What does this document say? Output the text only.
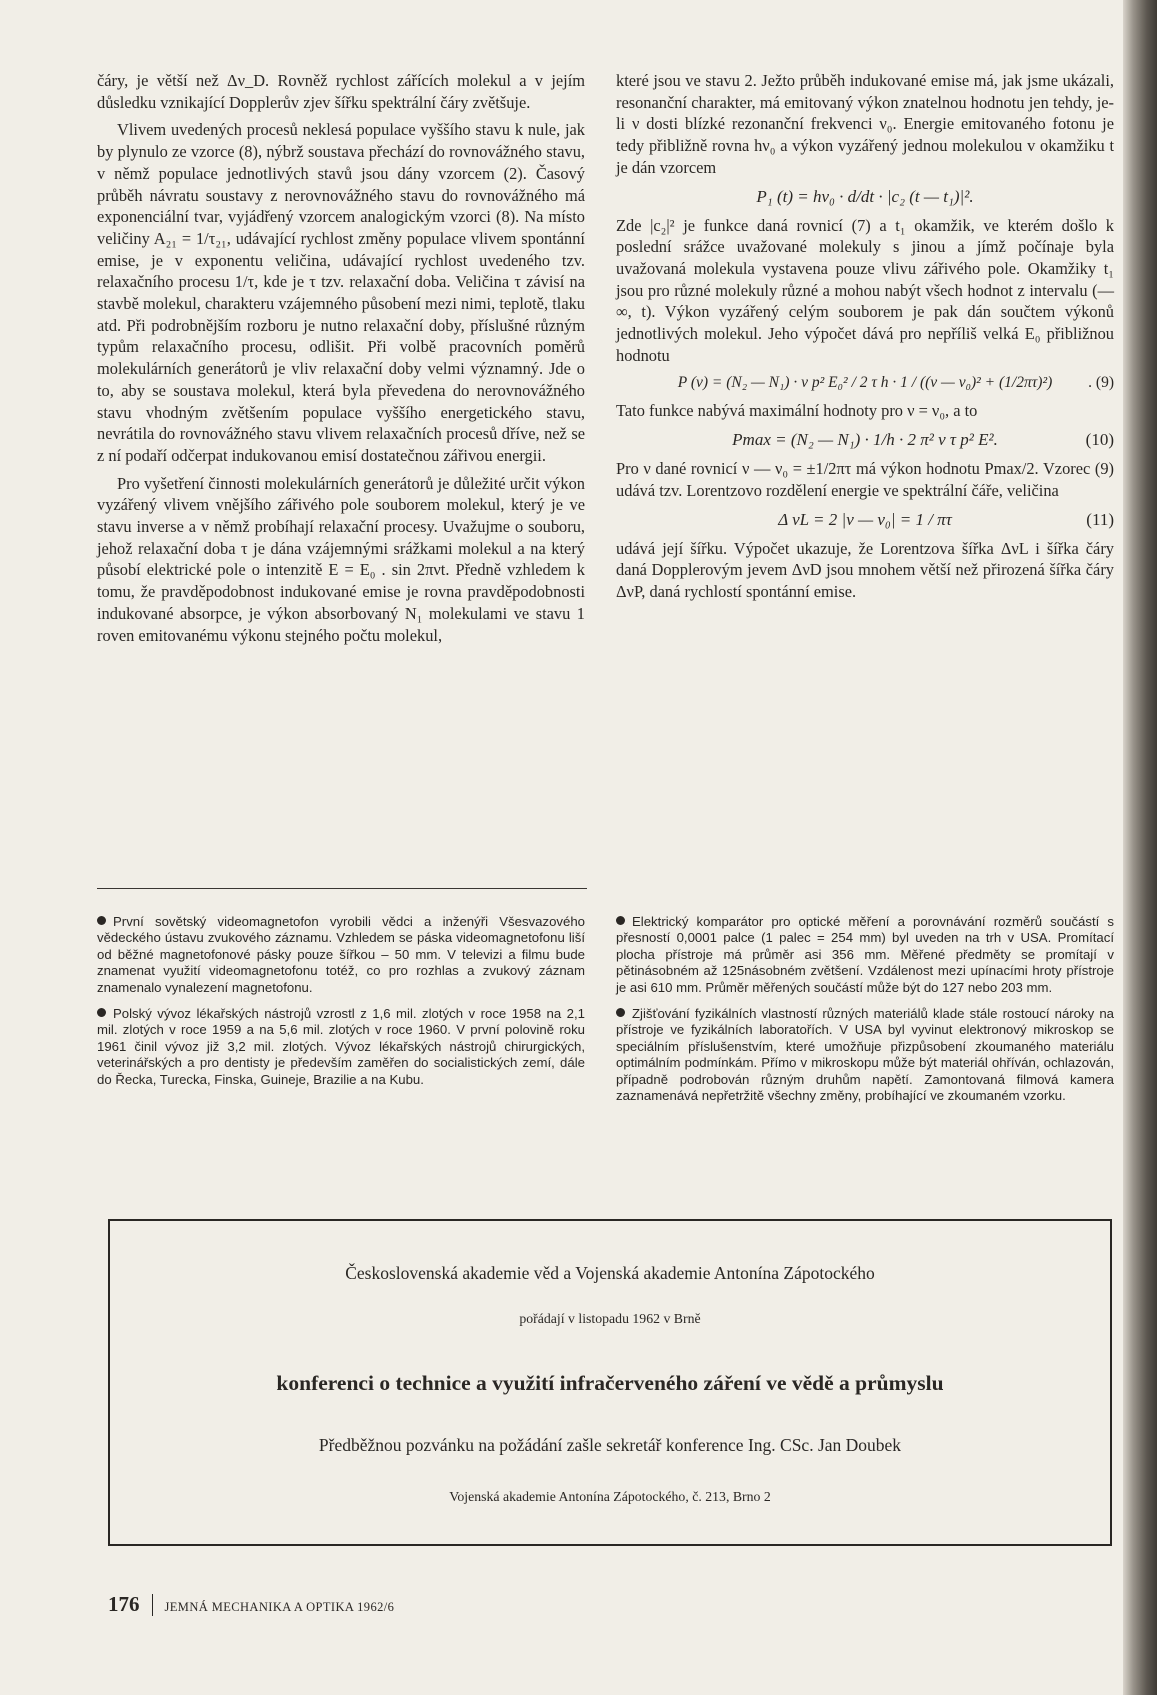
čáry, je větší než Δν_D. Rovněž rychlost zářících molekul a v jejím důsledku vznikající Dopplerův zjev šířku spektrální čáry zvětšuje.

Vlivem uvedených procesů neklesá populace vyššího stavu k nule, jak by plynulo ze vzorce (8), nýbrž soustava přechází do rovnovážného stavu, v němž populace jednotlivých stavů jsou dány vzorcem (2). Časový průběh návratu soustavy z nerovnovážného stavu do rovnovážného má exponenciální tvar, vyjádřený vzorcem analogickým vzorci (8). Na místo veličiny A₂₁ = 1/τ₂₁, udávající rychlost změny populace vlivem spontánní emise, je v exponentu veličina, udávající rychlost uvedeného tzv. relaxačního procesu 1/τ, kde je τ tzv. relaxační doba. Veličina τ závisí na stavbě molekul, charakteru vzájemného působení mezi nimi, teplotě, tlaku atd. Při podrobnějším rozboru je nutno relaxační doby, příslušné různým typům relaxačního procesu, odlišit. Při volbě pracovních poměrů molekulárních generátorů je vliv relaxační doby velmi významný. Jde o to, aby se soustava molekul, která byla převedena do nerovnovážného stavu vhodným zvětšením populace vyššího energetického stavu, nevrátila do rovnovážného stavu vlivem relaxačních procesů dříve, než se z ní podaří odčerpat indukovanou emisí dostatečnou zářivou energii.

Pro vyšetření činnosti molekulárních generátorů je důležité určit výkon vyzářený vlivem vnějšího zářivého pole souborem molekul, který je ve stavu inverse a v němž probíhají relaxační procesy. Uvažujme o souboru, jehož relaxační doba τ je dána vzájemnými srážkami molekul a na který působí elektrické pole o intenzitě E = E₀ . sin 2πνt. Předně vzhledem k tomu, že pravděpodobnost indukované emise je rovna pravděpodobnosti indukované absorpce, je výkon absorbovaný N₁ molekulami ve stavu 1 roven emitovanému výkonu stejného počtu molekul,

které jsou ve stavu 2. Ježto průběh indukované emise má, jak jsme ukázali, resonanční charakter, má emitovaný výkon znatelnou hodnotu jen tehdy, je-li ν dosti blízké rezonanční frekvenci ν₀. Energie emitovaného fotonu je tedy přibližně rovna hν₀ a výkon vyzářený jednou molekulou v okamžiku t je dán vzorcem

P₁ (t) = hν₀ · d/dt · |c₂ (t — t₁)|².

Zde |c₂|² je funkce daná rovnicí (7) a t₁ okamžik, ve kterém došlo k poslední srážce uvažované molekuly s jinou a jímž počínaje byla uvažovaná molekula vystavena pouze vlivu zářivého pole. Okamžiky t₁ jsou pro různé molekuly různé a mohou nabýt všech hodnot z intervalu (—∞, t). Výkon vyzářený celým souborem je pak dán součtem výkonů jednotlivých molekul. Jeho výpočet dává pro nepříliš velká E₀ přibližnou hodnotu

P (ν) = (N₂ — N₁) · ν p² E₀² / 2 τ h · 1 / ((ν — ν₀)² + (1/2πτ)²) . (9)

Tato funkce nabývá maximální hodnoty pro ν = ν₀, a to

Pmax = (N₂ — N₁) · 1/h · 2 π² ν τ p² E².	(10)

Pro ν dané rovnicí ν — ν₀ = ±1/2πτ má výkon hodnotu Pmax/2. Vzorec (9) udává tzv. Lorentzovo rozdělení energie ve spektrální čáře, veličina

Δ νL = 2 |ν — ν₀| = 1 / πτ	(11)

udává její šířku. Výpočet ukazuje, že Lorentzova šířka ΔνL i šířka čáry daná Dopplerovým jevem ΔνD jsou mnohem větší než přirozená šířka čáry ΔνP, daná rychlostí spontánní emise.

První sovětský videomagnetofon vyrobili vědci a inženýři Všesvazového vědeckého ústavu zvukového záznamu. Vzhledem se páska videomagnetofonu liší od běžné magnetofonové pásky pouze šířkou – 50 mm. V televizi a filmu bude znamenat využití videomagnetofonu totéž, co pro rozhlas a zvukový záznam znamenalo vynalezení magnetofonu.
Polský vývoz lékařských nástrojů vzrostl z 1,6 mil. zlotých v roce 1958 na 2,1 mil. zlotých v roce 1959 a na 5,6 mil. zlotých v roce 1960. V první polovině roku 1961 činil vývoz již 3,2 mil. zlotých. Vývoz lékařských nástrojů chirurgických, veterinářských a pro dentisty je především zaměřen do socialistických zemí, dále do Řecka, Turecka, Finska, Guineje, Brazilie a na Kubu.
Elektrický komparátor pro optické měření a porovnávání rozměrů součástí s přesností 0,0001 palce (1 palec = 254 mm) byl uveden na trh v USA. Promítací plocha přístroje má průměr asi 356 mm. Měřené předměty se promítají v pětinásobném až 125násobném zvětšení. Vzdálenost mezi upínacími hroty přístroje je asi 610 mm. Průměr měřených součástí může být do 127 nebo 203 mm.
Zjišťování fyzikálních vlastností různých materiálů klade stále rostoucí nároky na přístroje ve fyzikálních laboratořích. V USA byl vyvinut elektronový mikroskop se speciálním příslušenstvím, které umožňuje přizpůsobení zkoumaného materiálu optimálním podmínkám. Přímo v mikroskopu může být materiál ohříván, ochlazován, případně podrobován různým druhům napětí. Zamontovaná filmová kamera zaznamenává nepřetržitě všechny změny, probíhající ve zkoumaném vzorku.
Československá akademie věd a Vojenská akademie Antonína Zápotockého
pořádají v listopadu 1962 v Brně
konferenci o technice a využití infračerveného záření ve vědě a průmyslu
Předběžnou pozvánku na požádání zašle sekretář konference Ing. CSc. Jan Doubek
Vojenská akademie Antonína Zápotockého, č. 213, Brno 2
176 JEMNÁ MECHANIKA A OPTIKA 1962/6
